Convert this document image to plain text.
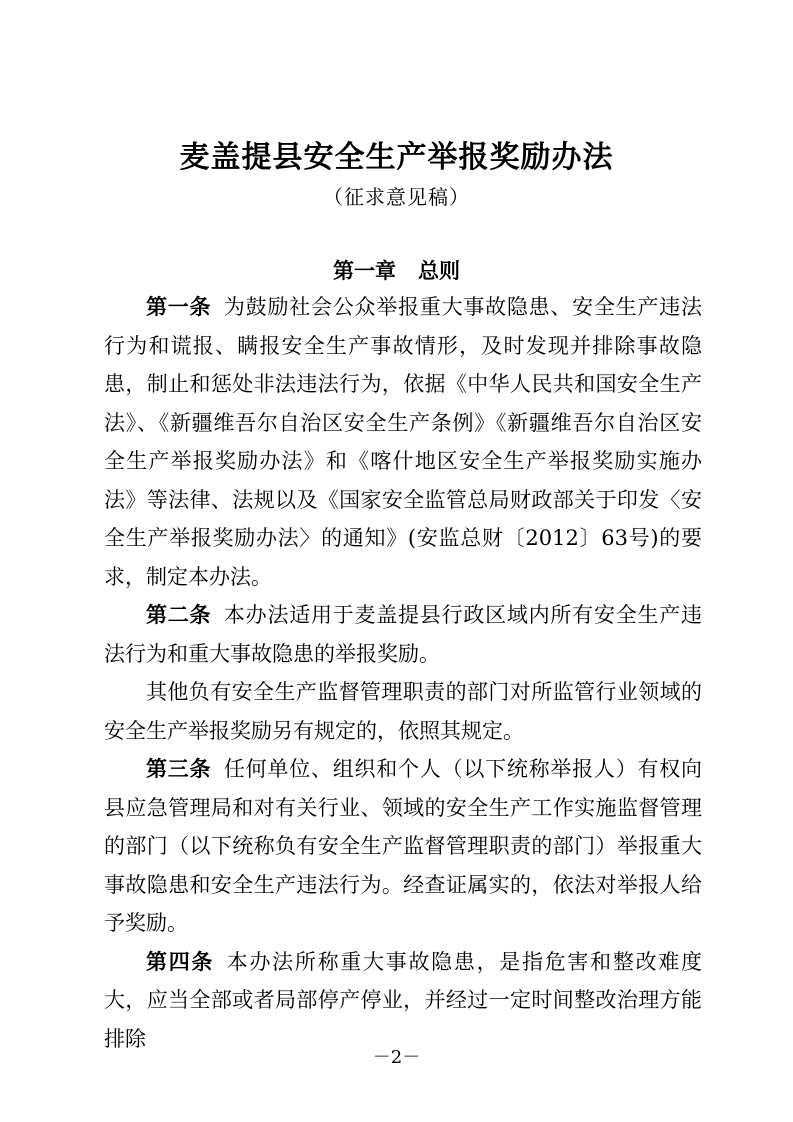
麦盖提县安全生产举报奖励办法
（征求意见稿）
第一章 总则

第一条 为鼓励社会公众举报重大事故隐患、安全生产违法行为和谎报、瞒报安全生产事故情形，及时发现并排除事故隐患，制止和惩处非法违法行为，依据《中华人民共和国安全生产法》、《新疆维吾尔自治区安全生产条例》《新疆维吾尔自治区安全生产举报奖励办法》和《喀什地区安全生产举报奖励实施办法》等法律、法规以及《国家安全监管总局财政部关于印发〈安全生产举报奖励办法〉的通知》(安监总财〔2012〕63号)的要求，制定本办法。

第二条 本办法适用于麦盖提县行政区域内所有安全生产违法行为和重大事故隐患的举报奖励。

其他负有安全生产监督管理职责的部门对所监管行业领域的安全生产举报奖励另有规定的，依照其规定。

第三条 任何单位、组织和个人（以下统称举报人）有权向县应急管理局和对有关行业、领域的安全生产工作实施监督管理的部门（以下统称负有安全生产监督管理职责的部门）举报重大事故隐患和安全生产违法行为。经查证属实的，依法对举报人给予奖励。

第四条 本办法所称重大事故隐患，是指危害和整改难度大，应当全部或者局部停产停业，并经过一定时间整改治理方能排除

－2－
